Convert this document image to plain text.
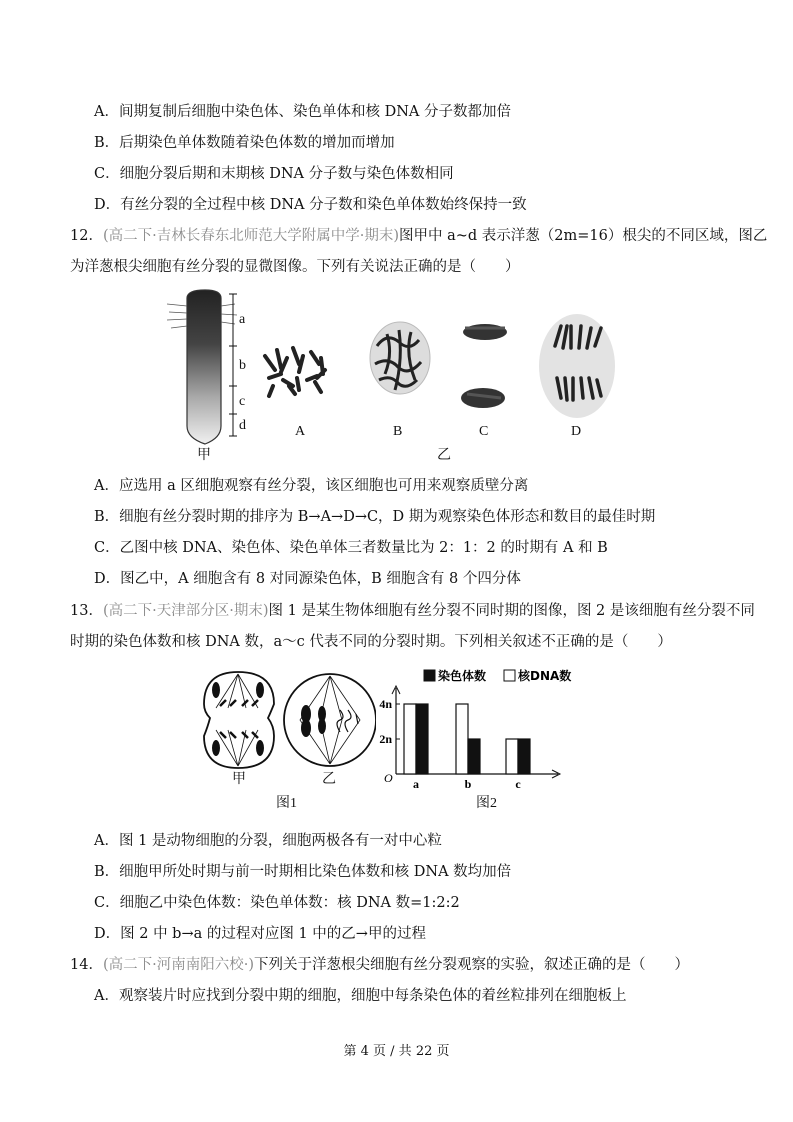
A．间期复制后细胞中染色体、染色单体和核 DNA 分子数都加倍
B．后期染色单体数随着染色体数的增加而增加
C．细胞分裂后期和末期核 DNA 分子数与染色体数相同
D．有丝分裂的全过程中核 DNA 分子数和染色单体数始终保持一致
12．(高二下·吉林长春东北师范大学附属中学·期末)图甲中 a~d 表示洋葱（2m=16）根尖的不同区域，图乙
为洋葱根尖细胞有丝分裂的显微图像。下列有关说法正确的是（　　）
a
b
c
d
甲
A	B	C	D
乙
A．应选用 a 区细胞观察有丝分裂，该区细胞也可用来观察质壁分离
B．细胞有丝分裂时期的排序为 B→A→D→C，D 期为观察染色体形态和数目的最佳时期
C．乙图中核 DNA、染色体、染色单体三者数量比为 2：1：2 的时期有 A 和 B
D．图乙中，A 细胞含有 8 对同源染色体，B 细胞含有 8 个四分体
13．(高二下·天津部分区·期末)图 1 是某生物体细胞有丝分裂不同时期的图像，图 2 是该细胞有丝分裂不同
时期的染色体数和核 DNA 数，a～c 代表不同的分裂时期。下列相关叙述不正确的是（　　）
甲	乙
图1
O
2n
4n
染色体数	核DNA数
a	b	c
图2
A．图 1 是动物细胞的分裂，细胞两极各有一对中心粒
B．细胞甲所处时期与前一时期相比染色体数和核 DNA 数均加倍
C．细胞乙中染色体数：染色单体数：核 DNA 数=1:2:2
D．图 2 中 b→a 的过程对应图 1 中的乙→甲的过程
14．(高二下·河南南阳六校·)下列关于洋葱根尖细胞有丝分裂观察的实验，叙述正确的是（　　）
A．观察装片时应找到分裂中期的细胞，细胞中每条染色体的着丝粒排列在细胞板上
第 4 页 / 共 22 页
